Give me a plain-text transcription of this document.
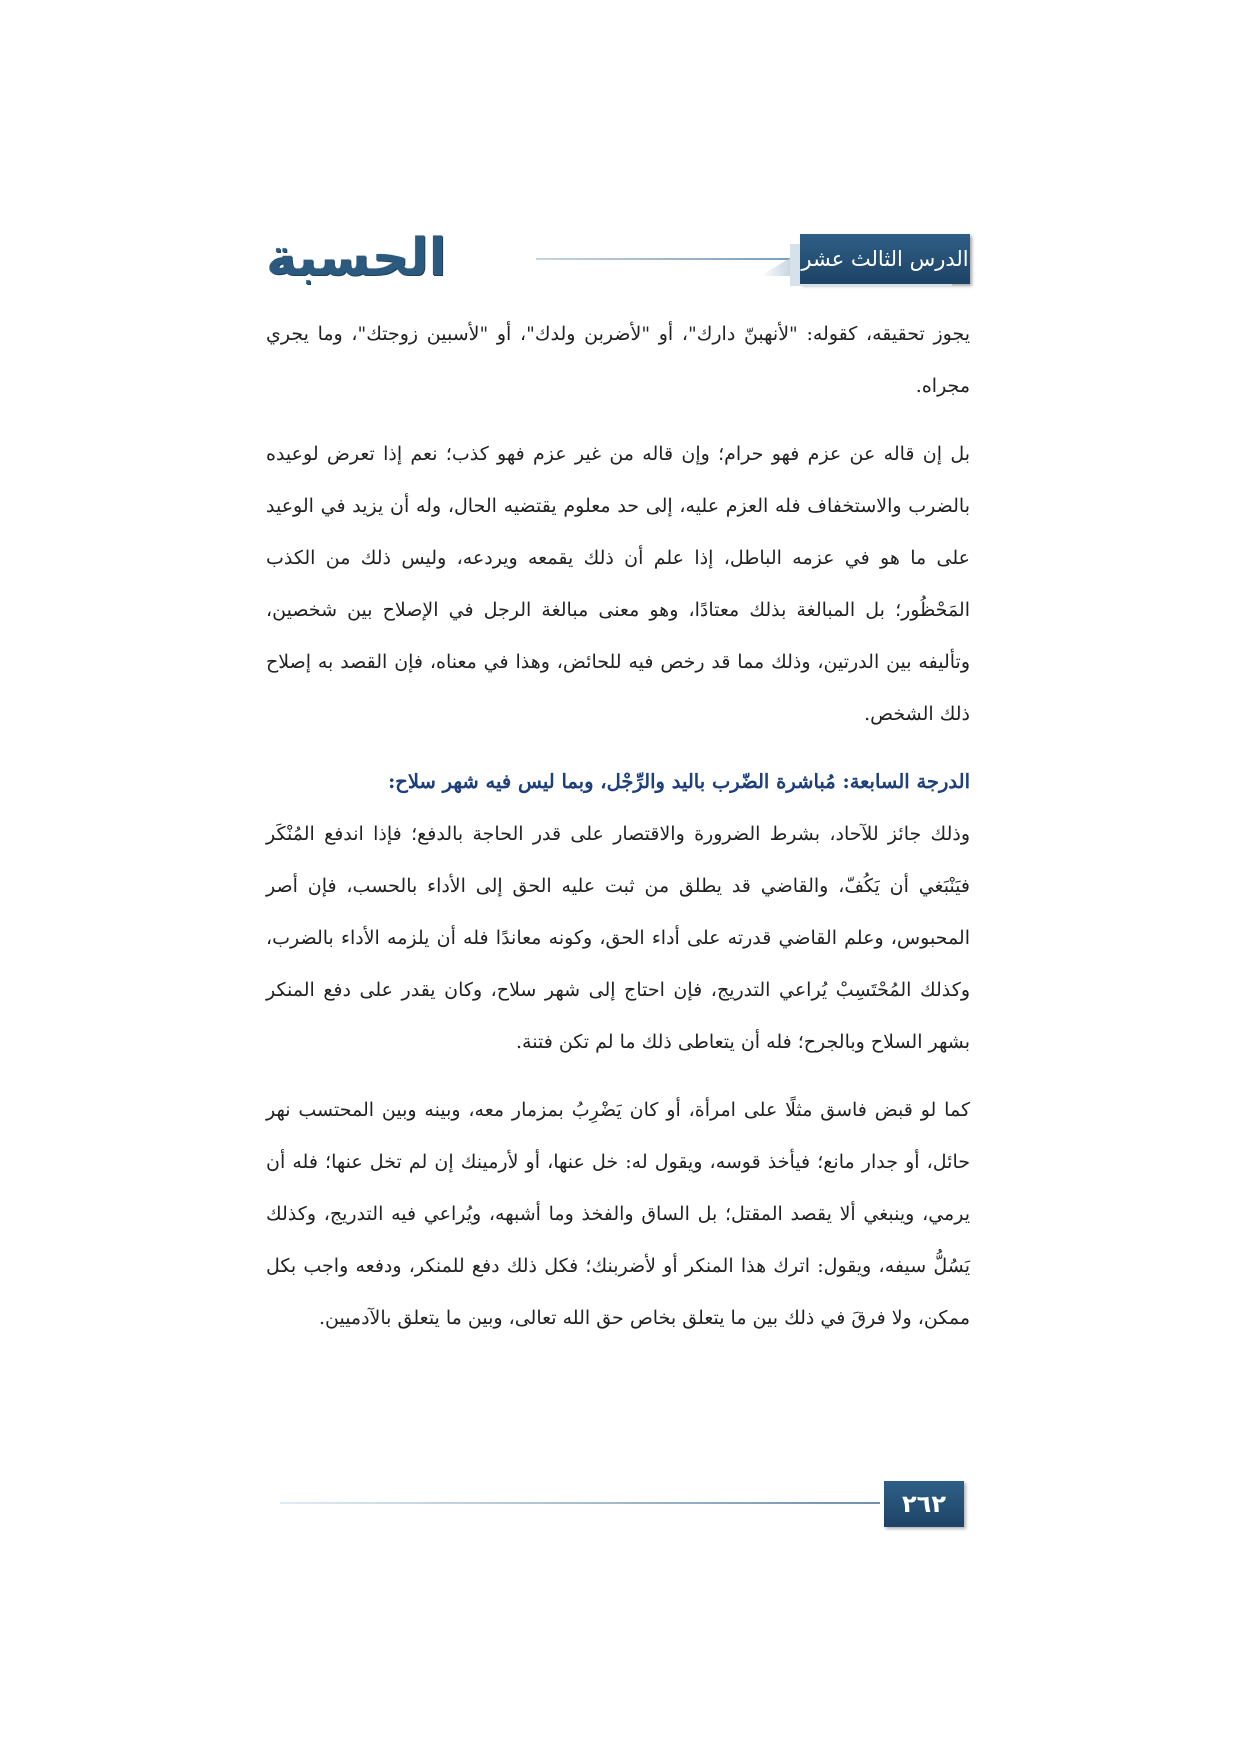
الحسبة	الدرس الثالث عشر

يجوز تحقيقه، كقوله: "لأنهبنّ دارك"، أو "لأضربن ولدك"، أو "لأسبين زوجتك"، وما يجري مجراه.

بل إن قاله عن عزم فهو حرام؛ وإن قاله من غير عزم فهو كذب؛ نعم إذا تعرض لوعيده بالضرب والاستخفاف فله العزم عليه، إلى حد معلوم يقتضيه الحال، وله أن يزيد في الوعيد على ما هو في عزمه الباطل، إذا علم أن ذلك يقمعه ويردعه، وليس ذلك من الكذب المَحْظُور؛ بل المبالغة بذلك معتادًا، وهو معنى مبالغة الرجل في الإصلاح بين شخصين، وتأليفه بين الدرتين، وذلك مما قد رخص فيه للحائض، وهذا في معناه، فإن القصد به إصلاح ذلك الشخص.

الدرجة السابعة: مُباشرة الضّرب باليد والرِّجْل، وبما ليس فيه شهر سلاح:

وذلك جائز للآحاد، بشرط الضرورة والاقتصار على قدر الحاجة بالدفع؛ فإذا اندفع المُنْكَر فيَنْبَغي أن يَكُفّ، والقاضي قد يطلق من ثبت عليه الحق إلى الأداء بالحسب، فإن أصر المحبوس، وعلم القاضي قدرته على أداء الحق، وكونه معاندًا فله أن يلزمه الأداء بالضرب، وكذلك المُحْتَسِبْ يُراعي التدريج، فإن احتاج إلى شهر سلاح، وكان يقدر على دفع المنكر بشهر السلاح وبالجرح؛ فله أن يتعاطى ذلك ما لم تكن فتنة.

كما لو قبض فاسق مثلًا على امرأة، أو كان يَضْرِبُ بمزمار معه، وبينه وبين المحتسب نهر حائل، أو جدار مانع؛ فيأخذ قوسه، ويقول له: خل عنها، أو لأرمينك إن لم تخل عنها؛ فله أن يرمي، وينبغي ألا يقصد المقتل؛ بل الساق والفخذ وما أشبهه، ويُراعي فيه التدريج، وكذلك يَسُلُّ سيفه، ويقول: اترك هذا المنكر أو لأضربنك؛ فكل ذلك دفع للمنكر، ودفعه واجب بكل ممكن، ولا فرقَ في ذلك بين ما يتعلق بخاص حق الله تعالى، وبين ما يتعلق بالآدميين.

٢٦٢
